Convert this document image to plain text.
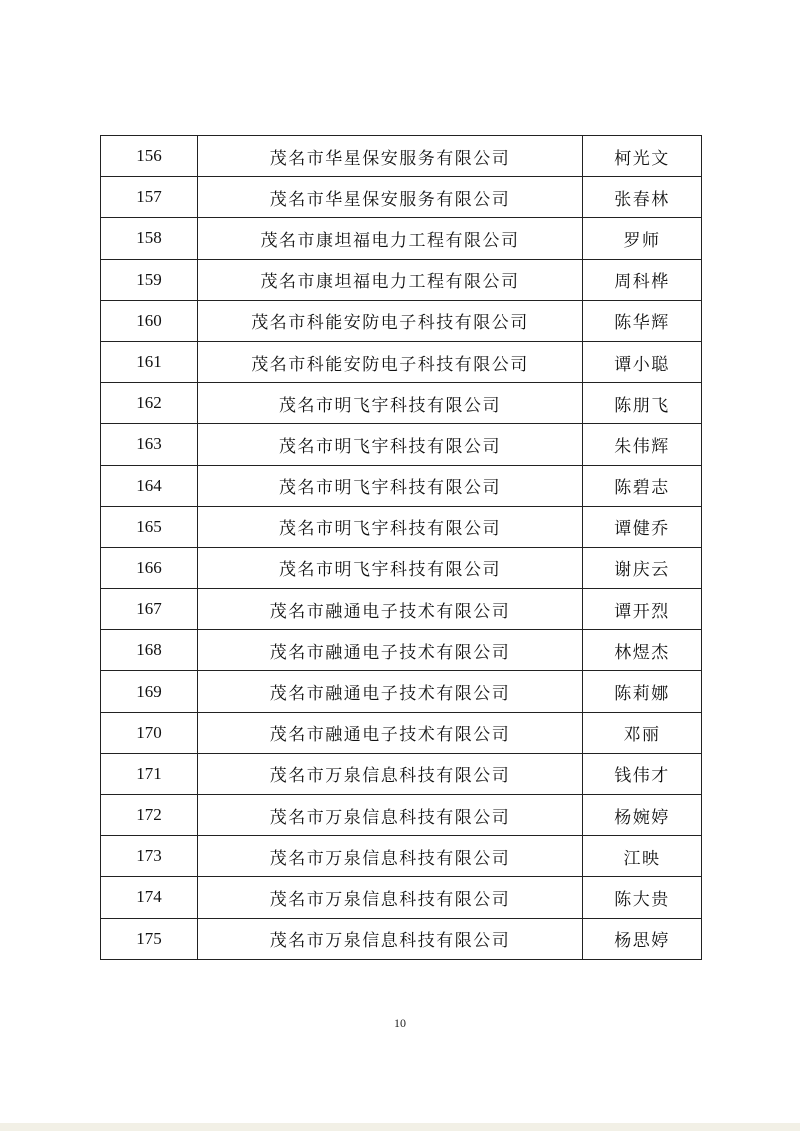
156	茂名市华星保安服务有限公司	柯光文
157	茂名市华星保安服务有限公司	张春林
158	茂名市康坦福电力工程有限公司	罗师
159	茂名市康坦福电力工程有限公司	周科桦
160	茂名市科能安防电子科技有限公司	陈华辉
161	茂名市科能安防电子科技有限公司	谭小聪
162	茂名市明飞宇科技有限公司	陈朋飞
163	茂名市明飞宇科技有限公司	朱伟辉
164	茂名市明飞宇科技有限公司	陈碧志
165	茂名市明飞宇科技有限公司	谭健乔
166	茂名市明飞宇科技有限公司	谢庆云
167	茂名市融通电子技术有限公司	谭开烈
168	茂名市融通电子技术有限公司	林煜杰
169	茂名市融通电子技术有限公司	陈莉娜
170	茂名市融通电子技术有限公司	邓丽
171	茂名市万泉信息科技有限公司	钱伟才
172	茂名市万泉信息科技有限公司	杨婉婷
173	茂名市万泉信息科技有限公司	江映
174	茂名市万泉信息科技有限公司	陈大贵
175	茂名市万泉信息科技有限公司	杨思婷
10
